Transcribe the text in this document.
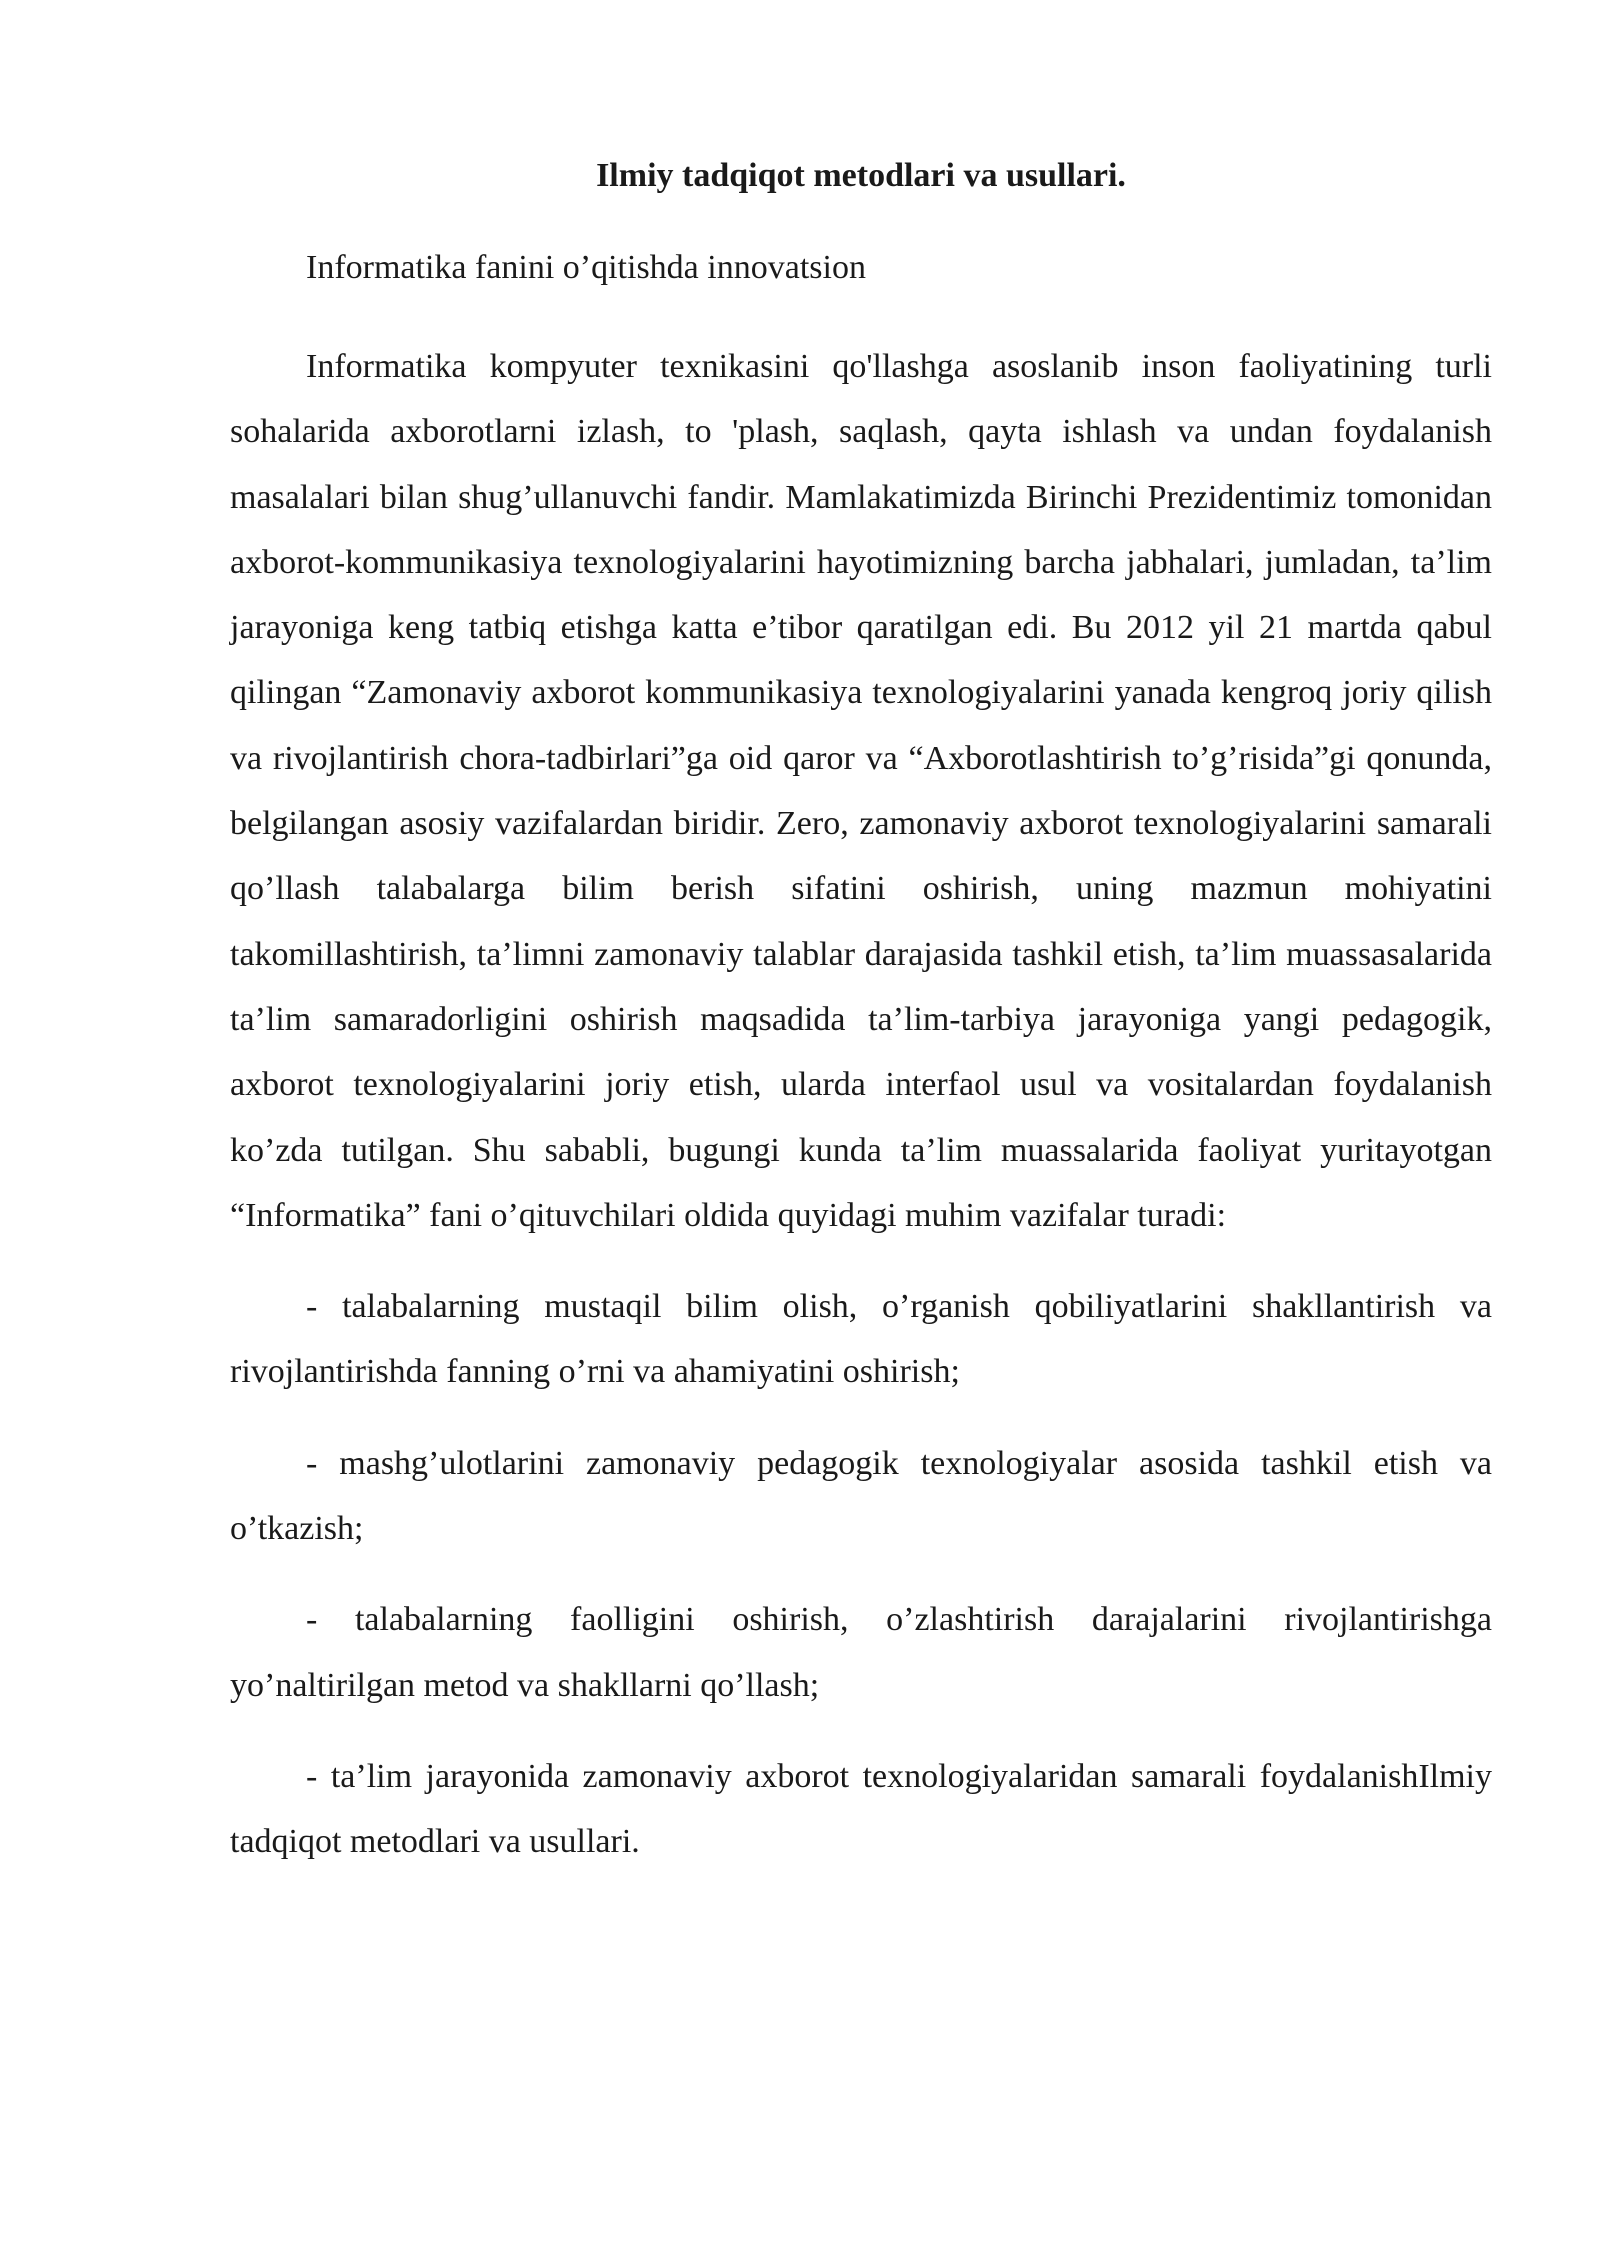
Ilmiy tadqiqot metodlari va usullari.

Informatika fanini o’qitishda innovatsion

Informatika kompyuter texnikasini qo'llashga asoslanib inson faoliyatining turli sohalarida axborotlarni izlash, to 'plash, saqlash, qayta ishlash va undan foydalanish masalalari bilan shug’ullanuvchi fandir. Mamlakatimizda Birinchi Prezidentimiz tomonidan axborot-kommunikasiya texnologiyalarini hayotimizning barcha jabhalari, jumladan, ta’lim jarayoniga keng tatbiq etishga katta e’tibor qaratilgan edi. Bu 2012 yil 21 martda qabul qilingan “Zamonaviy axborot kommunikasiya texnologiyalarini yanada kengroq joriy qilish va rivojlantirish chora-tadbirlari”ga oid qaror va “Axborotlashtirish to’g’risida”gi qonunda, belgilangan asosiy vazifalardan biridir. Zero, zamonaviy axborot texnologiyalarini samarali qo’llash talabalarga bilim berish sifatini oshirish, uning mazmun mohiyatini takomillashtirish, ta’limni zamonaviy talablar darajasida tashkil etish, ta’lim muassasalarida ta’lim samaradorligini oshirish maqsadida ta’lim-tarbiya jarayoniga yangi pedagogik, axborot texnologiyalarini joriy etish, ularda interfaol usul va vositalardan foydalanish ko’zda tutilgan. Shu sababli, bugungi kunda ta’lim muassalarida faoliyat yuritayotgan “Informatika” fani o’qituvchilari oldida quyidagi muhim vazifalar turadi:

- talabalarning mustaqil bilim olish, o’rganish qobiliyatlarini shakllantirish va rivojlantirishda fanning o’rni va ahamiyatini oshirish;

- mashg’ulotlarini zamonaviy pedagogik texnologiyalar asosida tashkil etish va o’tkazish;

- talabalarning faolligini oshirish, o’zlashtirish darajalarini rivojlantirishga yo’naltirilgan metod va shakllarni qo’llash;

- ta’lim jarayonida zamonaviy axborot texnologiyalaridan samarali foydalanishIlmiy tadqiqot metodlari va usullari.
